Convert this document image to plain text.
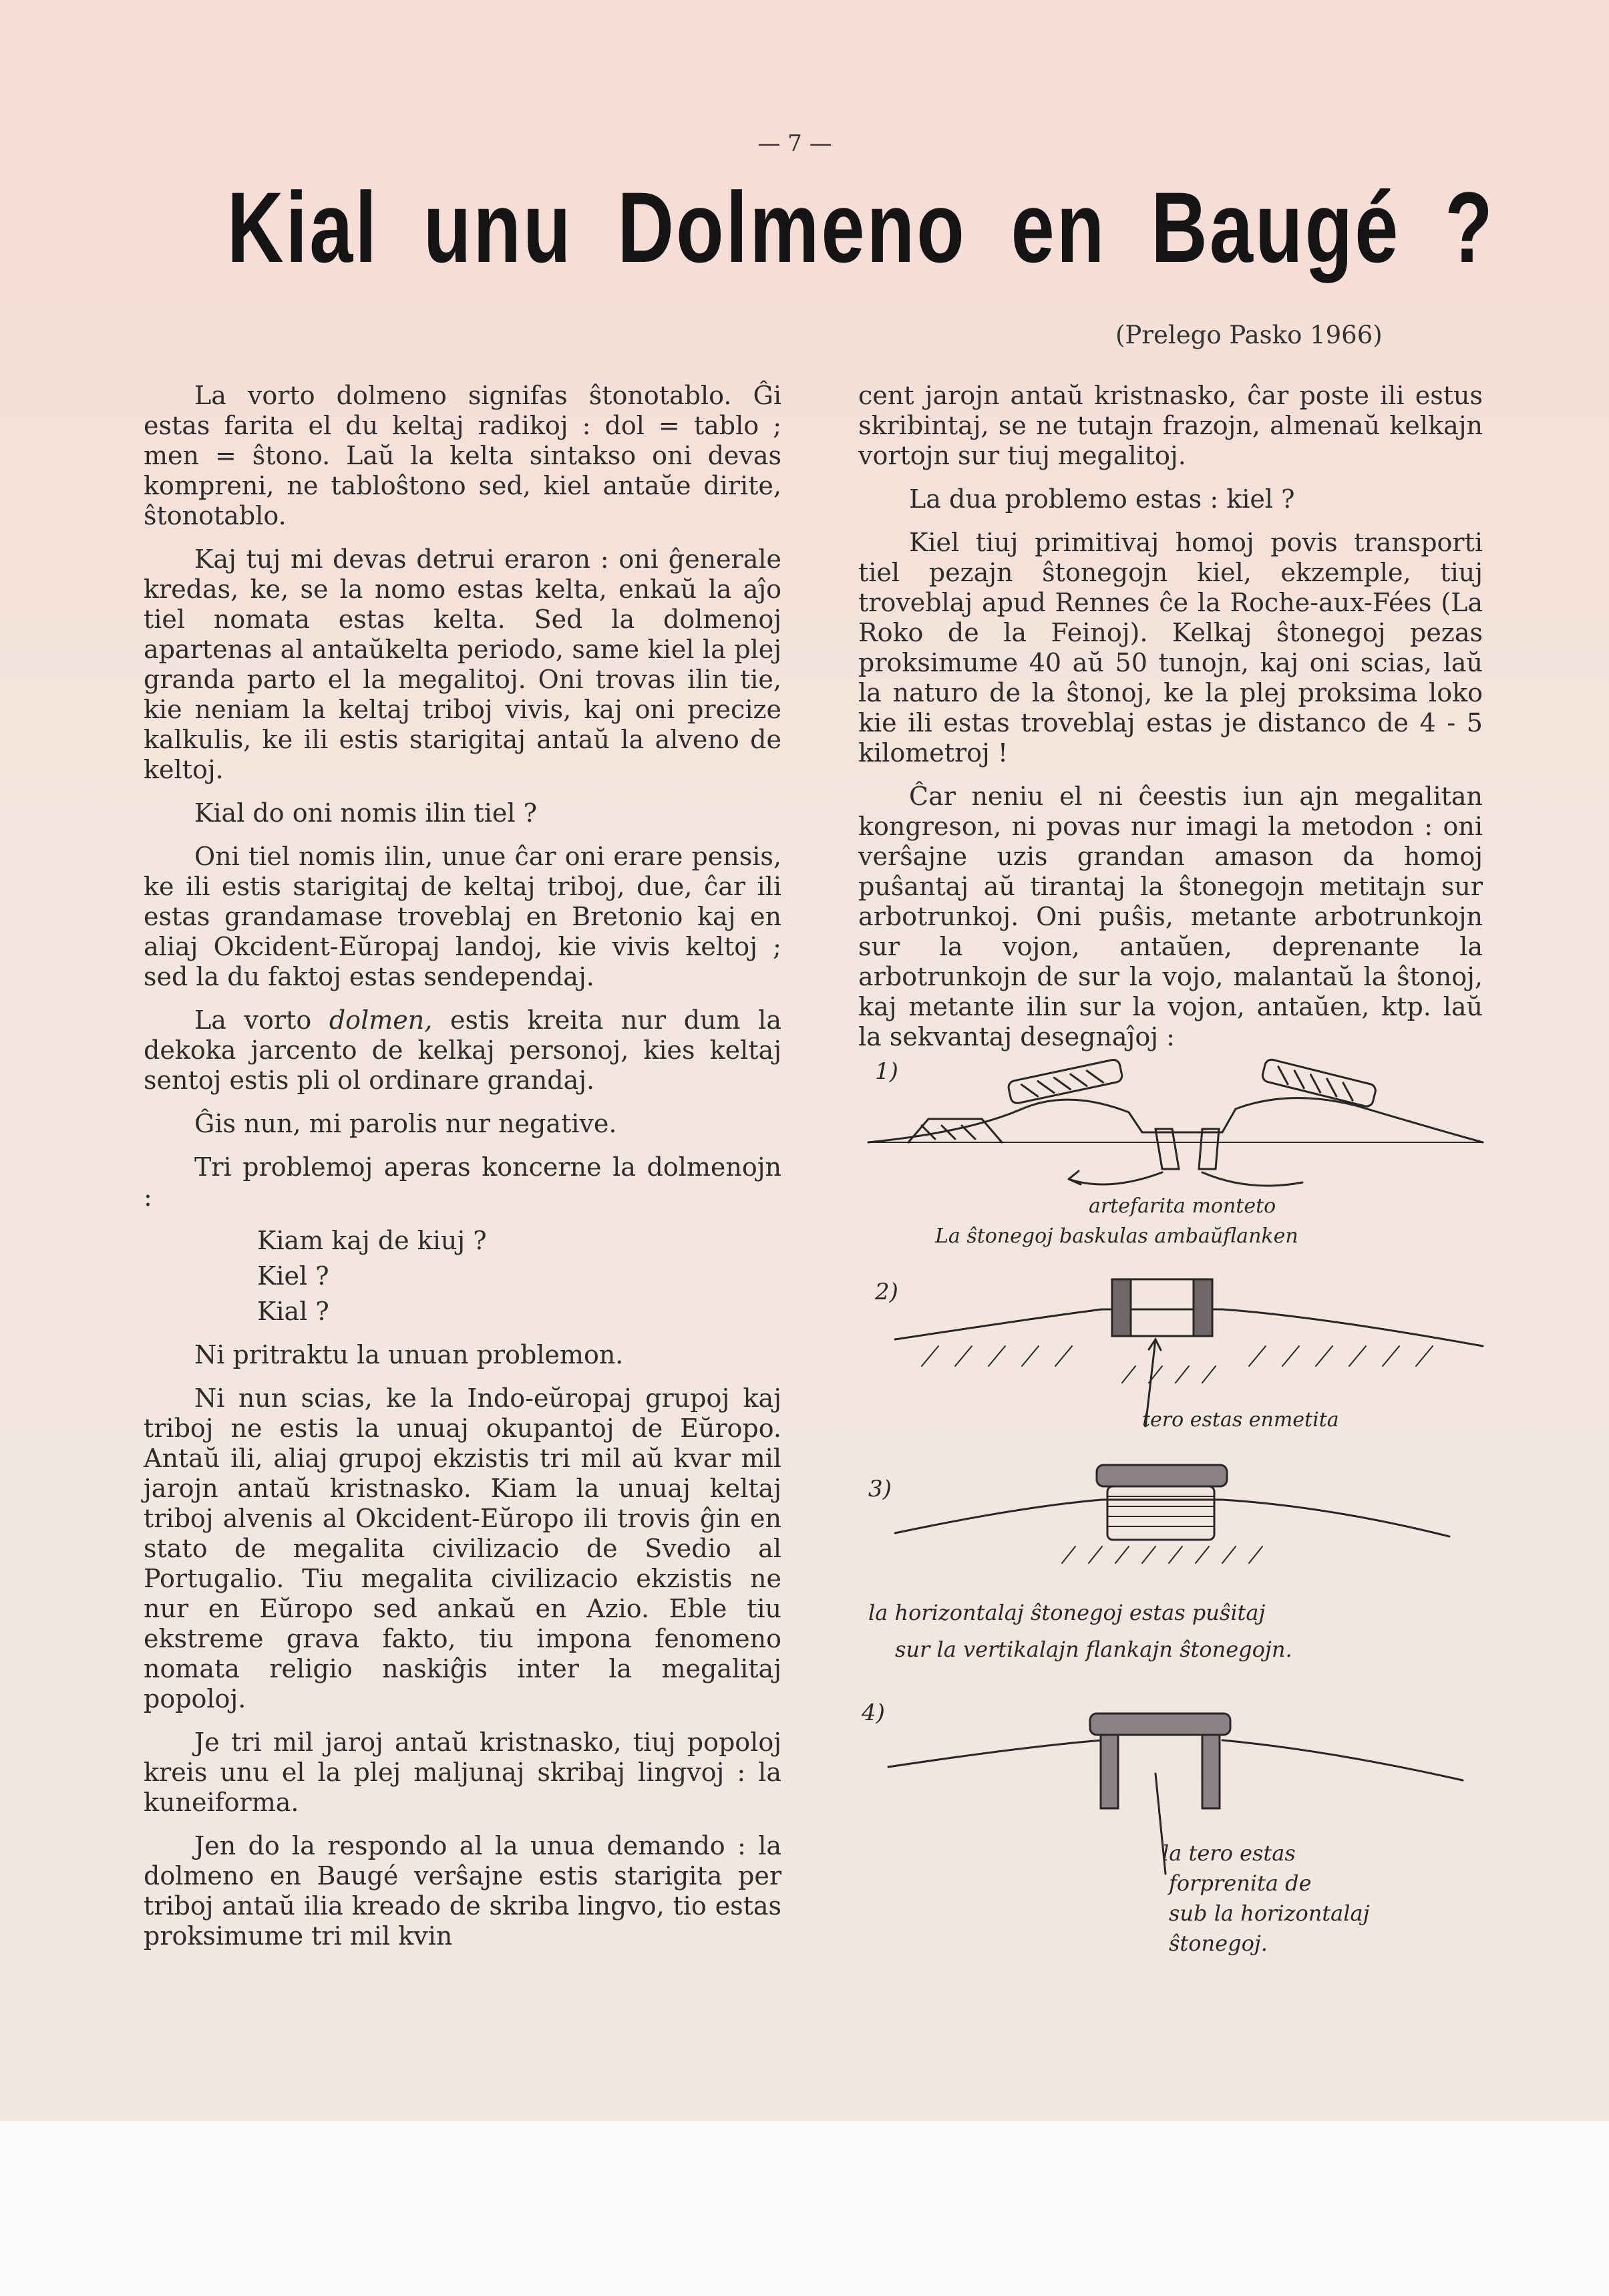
— 7 —
Kial unu Dolmeno en Baugé ?
(Prelego Pasko 1966)

La vorto dolmeno signifas ŝtonotablo. Ĝi estas farita el du keltaj radikoj : dol = tablo ; men = ŝtono. Laŭ la kelta sintakso oni devas kompreni, ne tabloŝtono sed, kiel antaŭe dirite, ŝtonotablo.

Kaj tuj mi devas detrui eraron : oni ĝenerale kredas, ke, se la nomo estas kelta, enkaŭ la aĵo tiel nomata estas kelta. Sed la dolmenoj apartenas al antaŭkelta periodo, same kiel la plej granda parto el la megalitoj. Oni trovas ilin tie, kie neniam la keltaj triboj vivis, kaj oni precize kalkulis, ke ili estis starigitaj antaŭ la alveno de keltoj.

Kial do oni nomis ilin tiel ?

Oni tiel nomis ilin, unue ĉar oni erare pensis, ke ili estis starigitaj de keltaj triboj, due, ĉar ili estas grandamase troveblaj en Bretonio kaj en aliaj Okcident-Eŭropaj landoj, kie vivis keltoj ; sed la du faktoj estas sendependaj.

La vorto dolmen, estis kreita nur dum la dekoka jarcento de kelkaj personoj, kies keltaj sentoj estis pli ol ordinare grandaj.

Ĝis nun, mi parolis nur negative.

Tri problemoj aperas koncerne la dolmenojn :

Kiam kaj de kiuj ?

Kiel ?

Kial ?

Ni pritraktu la unuan problemon.

Ni nun scias, ke la Indo-eŭropaj grupoj kaj triboj ne estis la unuaj okupantoj de Eŭropo. Antaŭ ili, aliaj grupoj ekzistis tri mil aŭ kvar mil jarojn antaŭ kristnasko. Kiam la unuaj keltaj triboj alvenis al Okcident-Eŭropo ili trovis ĝin en stato de megalita civilizacio de Svedio al Portugalio. Tiu megalita civilizacio ekzistis ne nur en Eŭropo sed ankaŭ en Azio. Eble tiu ekstreme grava fakto, tiu impona fenomeno nomata religio naskiĝis inter la megalitaj popoloj.

Je tri mil jaroj antaŭ kristnasko, tiuj popoloj kreis unu el la plej maljunaj skribaj lingvoj : la kuneiforma.

Jen do la respondo al la unua demando : la dolmeno en Baugé verŝajne estis starigita per triboj antaŭ ilia kreado de skriba lingvo, tio estas proksimume tri mil kvin

cent jarojn antaŭ kristnasko, ĉar poste ili estus skribintaj, se ne tutajn frazojn, almenaŭ kelkajn vortojn sur tiuj megalitoj.

La dua problemo estas : kiel ?

Kiel tiuj primitivaj homoj povis transporti tiel pezajn ŝtonegojn kiel, ekzemple, tiuj troveblaj apud Rennes ĉe la Roche-aux-Fées (La Roko de la Feinoj). Kelkaj ŝtonegoj pezas proksimume 40 aŭ 50 tunojn, kaj oni scias, laŭ la naturo de la ŝtonoj, ke la plej proksima loko kie ili estas troveblaj estas je distanco de 4 - 5 kilometroj !

Ĉar neniu el ni ĉeestis iun ajn megalitan kongreson, ni povas nur imagi la metodon : oni verŝajne uzis grandan amason da homoj puŝantaj aŭ tirantaj la ŝtonegojn metitajn sur arbotrunkoj. Oni puŝis, metante arbotrunkojn sur la vojon, antaŭen, deprenante la arbotrunkojn de sur la vojo, malantaŭ la ŝtonoj, kaj metante ilin sur la vojon, antaŭen, ktp. laŭ la sekvantaj desegnaĵoj :

1)
artefarita monteto
La ŝtonegoj baskulas ambaŭflanken
2)
tero estas enmetita
3)
la horizontalaj ŝtonegoj estas puŝitaj
sur la vertikalajn flankajn ŝtonegojn.
4)
la tero estas
forprenita de
sub la horizontalaj
ŝtonegoj.
